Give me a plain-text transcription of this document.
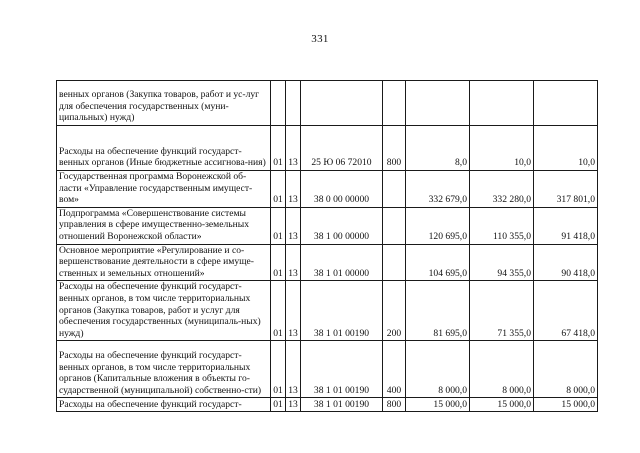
331
венных органов (Закупка товаров, работ и ус-луг для обеспечения государственных (муни-ципальных) нужд)							
Расходы на обеспечение функций государст-венных органов (Иные бюджетные ассигнова-ния)	01	13	25 Ю 06 72010	800	8,0	10,0	10,0
Государственная программа Воронежской об-ласти «Управление государственным имущест-вом»	01	13	38 0 00 00000		332 679,0	332 280,0	317 801,0
Подпрограмма «Совершенствование системы управления в сфере имущественно-земельных отношений Воронежской области»	01	13	38 1 00 00000		120 695,0	110 355,0	91 418,0
Основное мероприятие «Регулирование и со-вершенствование деятельности в сфере имуще-ственных и земельных отношений»	01	13	38 1 01 00000		104 695,0	94 355,0	90 418,0
Расходы на обеспечение функций государст-венных органов, в том числе территориальных органов (Закупка товаров, работ и услуг для обеспечения государственных (муниципаль-ных) нужд)	01	13	38 1 01 00190	200	81 695,0	71 355,0	67 418,0
Расходы на обеспечение функций государст-венных органов, в том числе территориальных органов (Капитальные вложения в объекты го-сударственной (муниципальной) собственно-сти)	01	13	38 1 01 00190	400	8 000,0	8 000,0	8 000,0
Расходы на обеспечение функций государст-	01	13	38 1 01 00190	800	15 000,0	15 000,0	15 000,0
